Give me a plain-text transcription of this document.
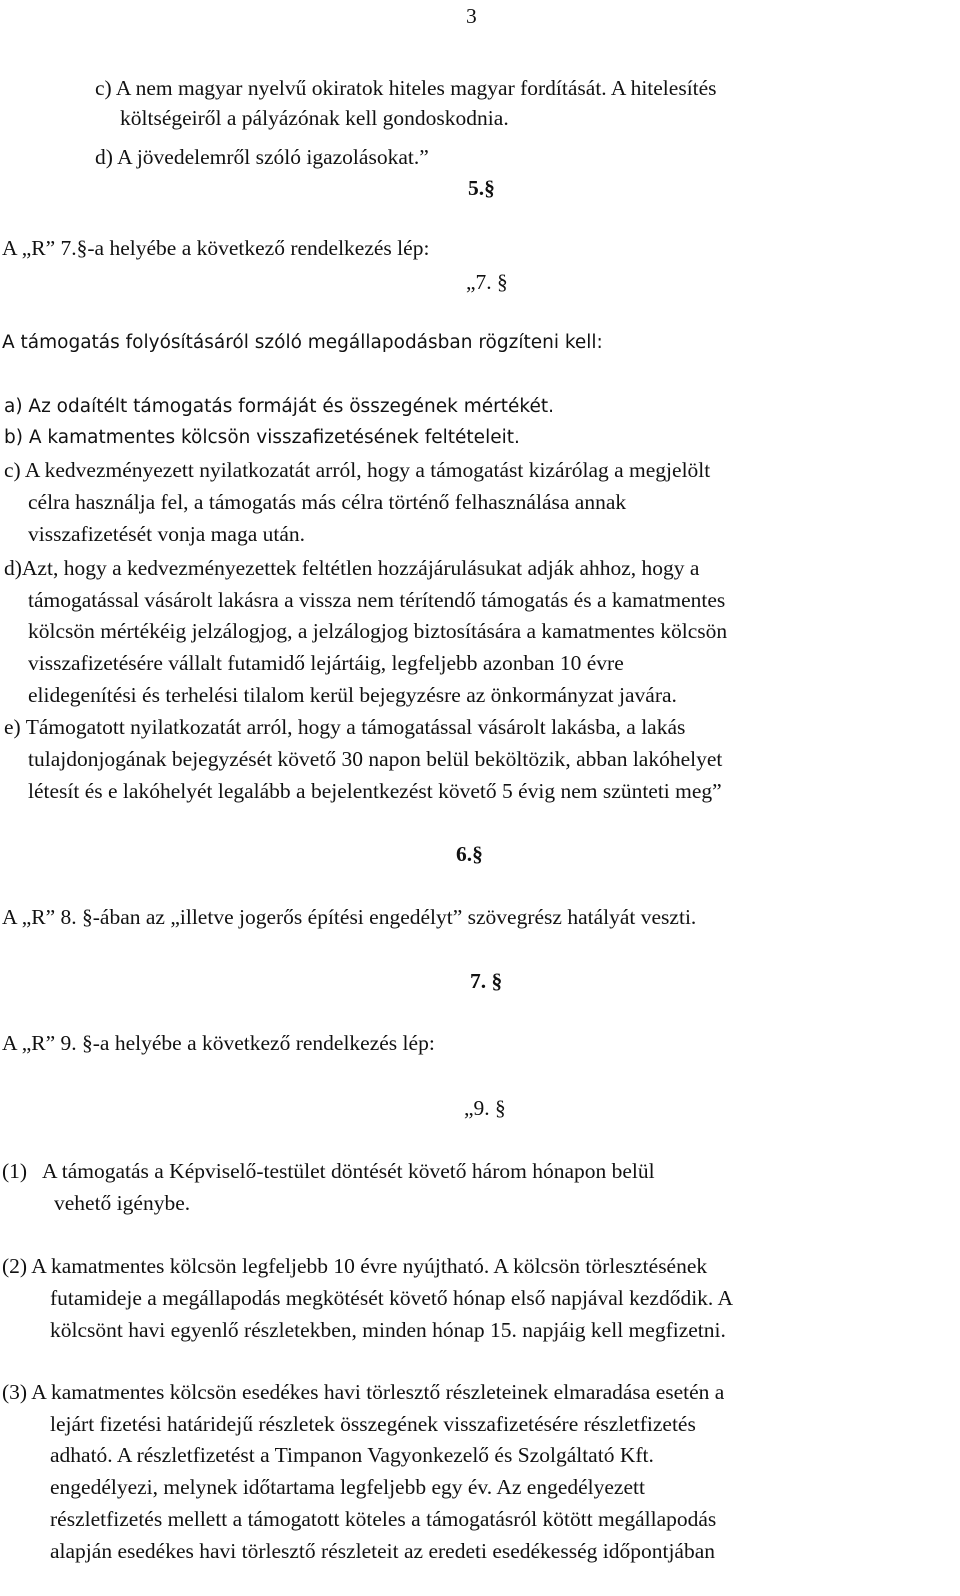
3
c) A nem magyar nyelvű okiratok hiteles magyar fordítását. A hitelesítés
költségeiről a pályázónak kell gondoskodnia.
d) A jövedelemről szóló igazolásokat.”
5.§
A „R” 7.§-a helyébe a következő rendelkezés lép:
„7. §
A támogatás folyósításáról szóló megállapodásban rögzíteni kell:
a) Az odaítélt támogatás formáját és összegének mértékét.
b) A kamatmentes kölcsön visszafizetésének feltételeit.
c) A kedvezményezett nyilatkozatát arról, hogy a támogatást kizárólag a megjelölt
célra használja fel, a támogatás más célra történő felhasználása annak
visszafizetését vonja maga után.
d)Azt, hogy a kedvezményezettek feltétlen hozzájárulásukat adják ahhoz, hogy a
támogatással vásárolt lakásra a vissza nem térítendő támogatás és a kamatmentes
kölcsön mértékéig jelzálogjog, a jelzálogjog biztosítására a kamatmentes kölcsön
visszafizetésére vállalt futamidő lejártáig, legfeljebb azonban 10 évre
elidegenítési és terhelési tilalom kerül bejegyzésre az önkormányzat javára.
e) Támogatott nyilatkozatát arról, hogy a támogatással vásárolt lakásba, a lakás
tulajdonjogának bejegyzését követő 30 napon belül beköltözik, abban lakóhelyet
létesít és e lakóhelyét legalább a bejelentkezést követő 5 évig nem szünteti meg”
6.§
A „R” 8. §-ában az „illetve jogerős építési engedélyt” szövegrész hatályát veszti.
7. §
A „R” 9. §-a helyébe a következő rendelkezés lép:
„9. §
(1)   A támogatás a Képviselő-testület döntését követő három hónapon belül
vehető igénybe.
(2) A kamatmentes kölcsön legfeljebb 10 évre nyújtható. A kölcsön törlesztésének
futamideje a megállapodás megkötését követő hónap első napjával kezdődik. A
kölcsönt havi egyenlő részletekben, minden hónap 15. napjáig kell megfizetni.
(3) A kamatmentes kölcsön esedékes havi törlesztő részleteinek elmaradása esetén a
lejárt fizetési határidejű részletek összegének visszafizetésére részletfizetés
adható. A részletfizetést a Timpanon Vagyonkezelő és Szolgáltató Kft.
engedélyezi, melynek időtartama legfeljebb egy év. Az engedélyezett
részletfizetés mellett a támogatott köteles a támogatásról kötött megállapodás
alapján esedékes havi törlesztő részleteit az eredeti esedékesség időpontjában
